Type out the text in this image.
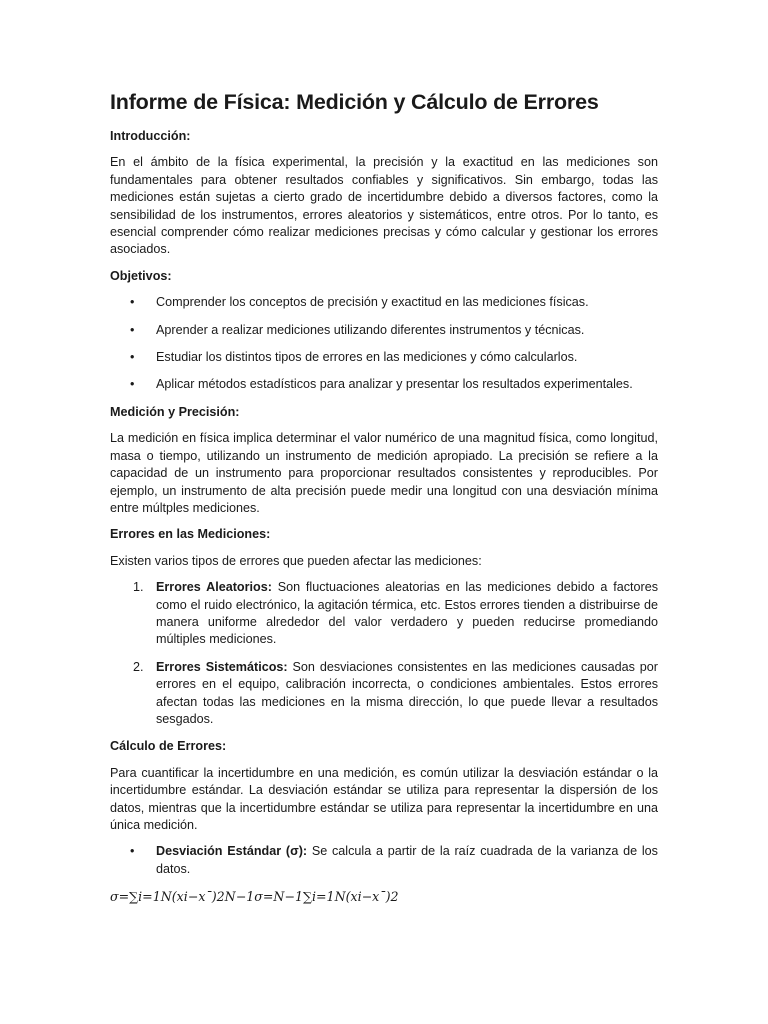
Informe de Física: Medición y Cálculo de Errores
Introducción:

En el ámbito de la física experimental, la precisión y la exactitud en las mediciones son fundamentales para obtener resultados confiables y significativos. Sin embargo, todas las mediciones están sujetas a cierto grado de incertidumbre debido a diversos factores, como la sensibilidad de los instrumentos, errores aleatorios y sistemáticos, entre otros. Por lo tanto, es esencial comprender cómo realizar mediciones precisas y cómo calcular y gestionar los errores asociados.

Objetivos:
• Comprender los conceptos de precisión y exactitud en las mediciones físicas.
• Aprender a realizar mediciones utilizando diferentes instrumentos y técnicas.
• Estudiar los distintos tipos de errores en las mediciones y cómo calcularlos.
• Aplicar métodos estadísticos para analizar y presentar los resultados experimentales.
Medición y Precisión:

La medición en física implica determinar el valor numérico de una magnitud física, como longitud, masa o tiempo, utilizando un instrumento de medición apropiado. La precisión se refiere a la capacidad de un instrumento para proporcionar resultados consistentes y reproducibles. Por ejemplo, un instrumento de alta precisión puede medir una longitud con una desviación mínima entre múltples mediciones.

Errores en las Mediciones:

Existen varios tipos de errores que pueden afectar las mediciones:

1. Errores Aleatorios: Son fluctuaciones aleatorias en las mediciones debido a factores como el ruido electrónico, la agitación térmica, etc. Estos errores tienden a distribuirse de manera uniforme alrededor del valor verdadero y pueden reducirse promediando múltiples mediciones.
2. Errores Sistemáticos: Son desviaciones consistentes en las mediciones causadas por errores en el equipo, calibración incorrecta, o condiciones ambientales. Estos errores afectan todas las mediciones en la misma dirección, lo que puede llevar a resultados sesgados.
Cálculo de Errores:

Para cuantificar la incertidumbre en una medición, es común utilizar la desviación estándar o la incertidumbre estándar. La desviación estándar se utiliza para representar la dispersión de los datos, mientras que la incertidumbre estándar se utiliza para representar la incertidumbre en una única medición.

• Desviación Estándar (σ): Se calcula a partir de la raíz cuadrada de la varianza de los datos.

σ=∑i=1N(xi−x¯)2N−1σ=N−1∑i=1N(xi−x¯)2
